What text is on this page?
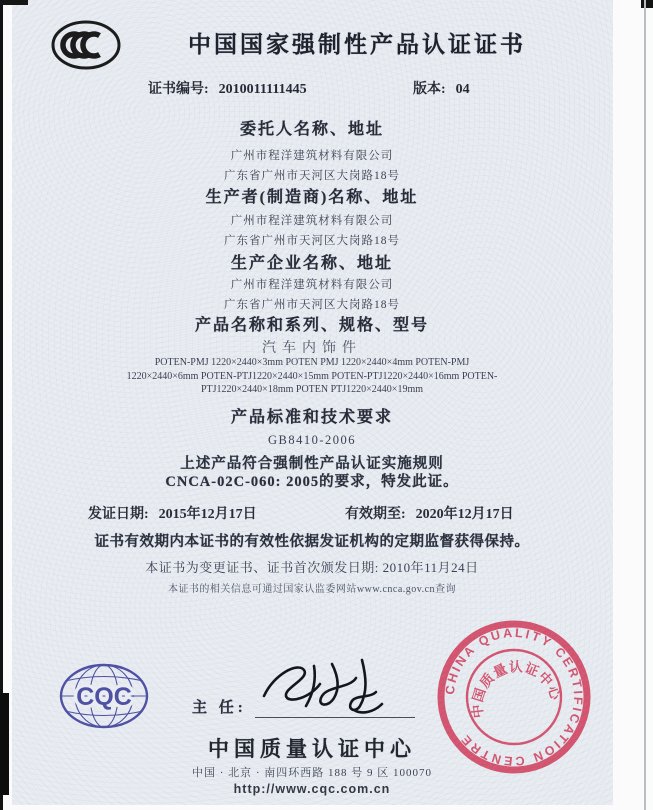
中国国家强制性产品认证证书
证书编号: 2010011111445	版本: 04
委托人名称、地址
广州市程洋建筑材料有限公司
广东省广州市天河区大岗路18号
生产者(制造商)名称、地址
广州市程洋建筑材料有限公司
广东省广州市天河区大岗路18号
生产企业名称、地址
广州市程洋建筑材料有限公司
广东省广州市天河区大岗路18号
产品名称和系列、规格、型号
汽车内饰件
POTEN-PMJ 1220×2440×3mm POTEN PMJ 1220×2440×4mm POTEN-PMJ
1220×2440×6mm POTEN-PTJ1220×2440×15mm POTEN-PTJ1220×2440×16mm POTEN-
PTJ1220×2440×18mm POTEN PTJ1220×2440×19mm
产品标准和技术要求
GB8410-2006
上述产品符合强制性产品认证实施规则
CNCA-02C-060: 2005的要求，特发此证。
发证日期: 2015年12月17日	有效期至: 2020年12月17日
证书有效期内本证书的有效性依据发证机构的定期监督获得保持。
本证书为变更证书、证书首次颁发日期: 2010年11月24日
本证书的相关信息可通过国家认监委网站www.cnca.gov.cn查询
CQC	主 任:
中国质量认证中心
中国 · 北京 · 南四环西路 188 号 9 区 100070
http://www.cqc.com.cn
CHINA QUALITY CERTIFICATION CENTRE
中国质量认证中心
